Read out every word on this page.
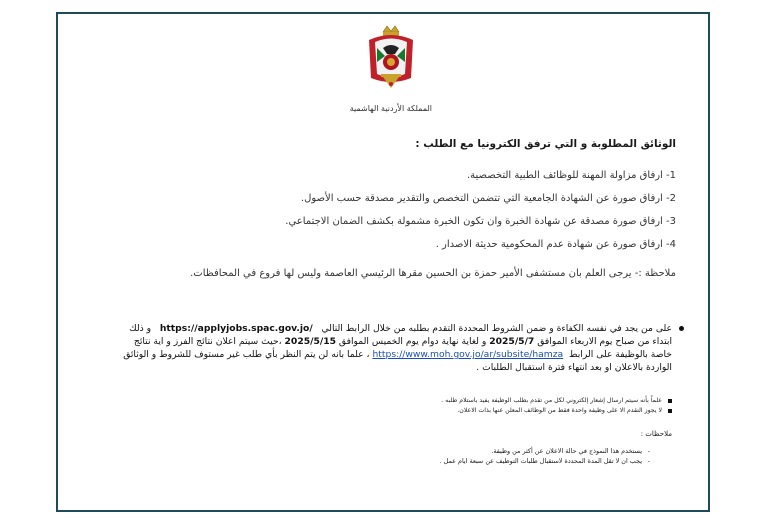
المملكة الأردنية الهاشمية
الوثائق المطلوبة و التي ترفق الكترونيا مع الطلب :
1- ارفاق مزاولة المهنة للوظائف الطبية التخصصية.
2- ارفاق صورة عن الشهادة الجامعية التي تتضمن التخصص والتقدير مصدقة حسب الأصول.
3- ارفاق صورة مصدقة عن شهادة الخبرة وان تكون الخبرة مشمولة بكشف الضمان الاجتماعي.
4- ارفاق صورة عن شهادة عدم المحكومية حديثة الاصدار .
ملاحظة :- يرجى العلم بان مستشفى الأمير حمزة بن الحسين مقرها الرئيسي العاصمة وليس لها فروع في المحافظات.
على من يجد في نفسه الكفاءة و ضمن الشروط المحددة التقدم بطلبه من خلال الرابط التالي   https://applyjobs.spac.gov.jo/   و ذلك ابتداء من صباح يوم الاربعاء الموافق 2025/5/7 و لغاية نهاية دوام يوم الخميس الموافق 2025/5/15 ،حيث سيتم اعلان نتائج الفرز و اية نتائج خاصة بالوظيفة على الرابط  https://www.moh.gov.jo/ar/subsite/hamza ، علما بانه لن يتم النظر بأي طلب غير مستوف للشروط و الوثائق الواردة بالاعلان او بعد انتهاء فترة استقبال الطلبات .
علماً بأنه سيتم ارسال إشعار إلكتروني لكل من تقدم بطلب الوظيفة يفيد باستلام طلبه .
لا يجوز التقدم الا على وظيفة واحدة فقط من الوظائف المعلن عنها بذات الاعلان.
ملاحظات :
- يستخدم هذا النموذج في حالة الاعلان عن أكثر من وظيفة.
- يجب ان لا تقل المدة المحددة لاستقبال طلبات التوظيف عن سبعة ايام عمل .
